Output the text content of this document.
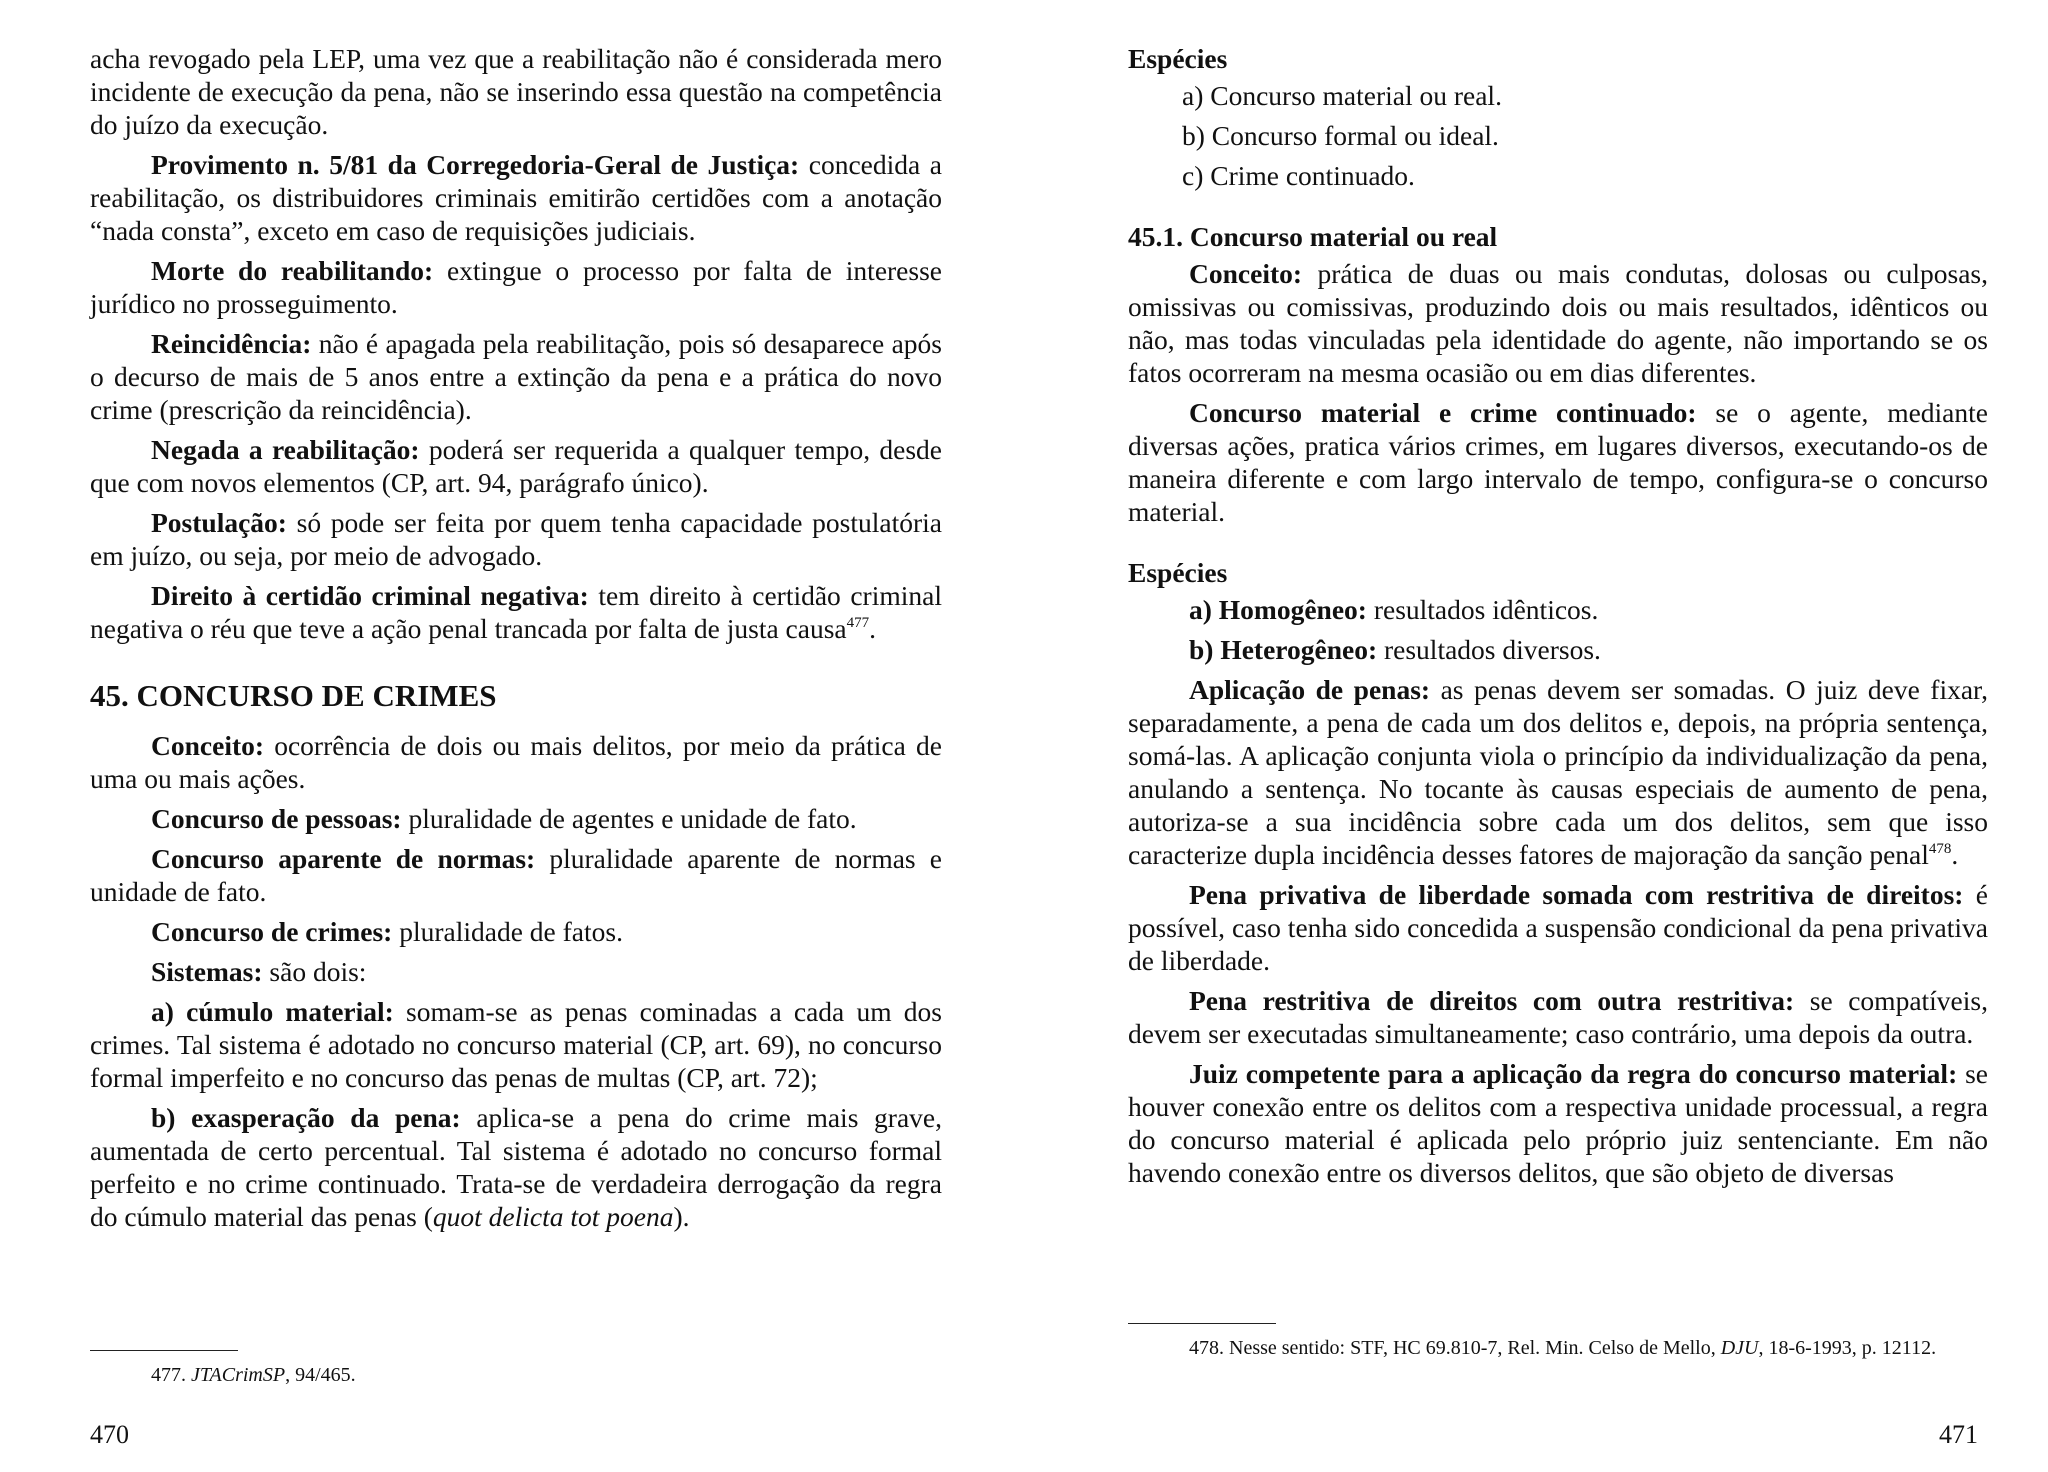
acha revogado pela LEP, uma vez que a reabilitação não é considerada mero incidente de execução da pena, não se inserindo essa questão na competência do juízo da execução.

Provimento n. 5/81 da Corregedoria-Geral de Justiça: concedida a reabilitação, os distribuidores criminais emitirão certidões com a anotação “nada consta”, exceto em caso de requisições judiciais.

Morte do reabilitando: extingue o processo por falta de interesse jurídico no prosseguimento.

Reincidência: não é apagada pela reabilitação, pois só desaparece após o decurso de mais de 5 anos entre a extinção da pena e a prática do novo crime (prescrição da reincidência).

Negada a reabilitação: poderá ser requerida a qualquer tempo, desde que com novos elementos (CP, art. 94, parágrafo único).

Postulação: só pode ser feita por quem tenha capacidade postulatória em juízo, ou seja, por meio de advogado.

Direito à certidão criminal negativa: tem direito à certidão criminal negativa o réu que teve a ação penal trancada por falta de justa causa$^{477}$.

45. CONCURSO DE CRIMES

Conceito: ocorrência de dois ou mais delitos, por meio da prática de uma ou mais ações.

Concurso de pessoas: pluralidade de agentes e unidade de fato.

Concurso aparente de normas: pluralidade aparente de normas e unidade de fato.

Concurso de crimes: pluralidade de fatos.

Sistemas: são dois:

a) cúmulo material: somam-se as penas cominadas a cada um dos crimes. Tal sistema é adotado no concurso material (CP, art. 69), no concurso formal imperfeito e no concurso das penas de multas (CP, art. 72);

b) exasperação da pena: aplica-se a pena do crime mais grave, aumentada de certo percentual. Tal sistema é adotado no concurso formal perfeito e no crime continuado. Trata-se de verdadeira derrogação da regra do cúmulo material das penas (quot delicta tot poena).

477. JTACrimSP, 94/465.
470
Espécies
a) Concurso material ou real.
b) Concurso formal ou ideal.
c) Crime continuado.
45.1. Concurso material ou real

Conceito: prática de duas ou mais condutas, dolosas ou culposas, omissivas ou comissivas, produzindo dois ou mais resultados, idênticos ou não, mas todas vinculadas pela identidade do agente, não importando se os fatos ocorreram na mesma ocasião ou em dias diferentes.

Concurso material e crime continuado: se o agente, mediante diversas ações, pratica vários crimes, em lugares diversos, executando-os de maneira diferente e com largo intervalo de tempo, configura-se o concurso material.

Espécies

a) Homogêneo: resultados idênticos.

b) Heterogêneo: resultados diversos.

Aplicação de penas: as penas devem ser somadas. O juiz deve fixar, separadamente, a pena de cada um dos delitos e, depois, na própria sentença, somá-las. A aplicação conjunta viola o princípio da individualização da pena, anulando a sentença. No tocante às causas especiais de aumento de pena, autoriza-se a sua incidência sobre cada um dos delitos, sem que isso caracterize dupla incidência desses fatores de majoração da sanção penal$^{478}$.

Pena privativa de liberdade somada com restritiva de direitos: é possível, caso tenha sido concedida a suspensão condicional da pena privativa de liberdade.

Pena restritiva de direitos com outra restritiva: se compatíveis, devem ser executadas simultaneamente; caso contrário, uma depois da outra.

Juiz competente para a aplicação da regra do concurso material: se houver conexão entre os delitos com a respectiva unidade processual, a regra do concurso material é aplicada pelo próprio juiz sentenciante. Em não havendo conexão entre os diversos delitos, que são objeto de diversas

478. Nesse sentido: STF, HC 69.810-7, Rel. Min. Celso de Mello, DJU, 18-6-1993, p. 12112.
471
